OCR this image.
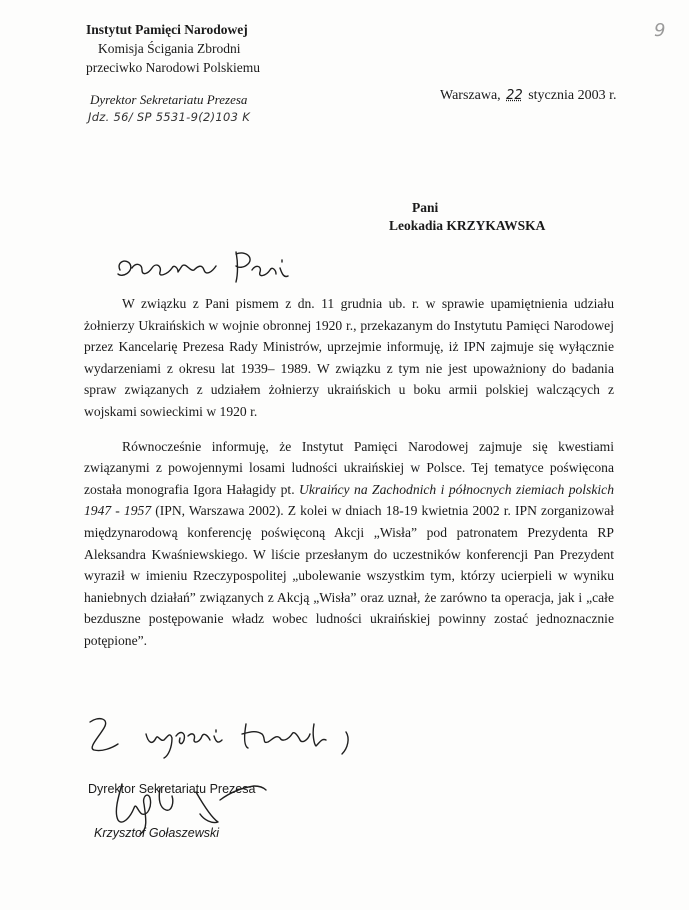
Instytut Pamięci Narodowej
Komisja Ścigania Zbrodni
przeciwko Narodowi Polskiemu
Dyrektor Sekretariatu Prezesa
Jdz. 56/ SP 5531-9(2)103 K
9
Warszawa, 22 stycznia 2003 r.
Pani
Leokadia KRZYKAWSKA

W związku z Pani pismem z dn. 11 grudnia ub. r. w sprawie upamiętnienia udziału żołnierzy Ukraińskich w wojnie obronnej 1920 r., przekazanym do Instytutu Pamięci Narodowej przez Kancelarię Prezesa Rady Ministrów, uprzejmie informuję, iż IPN zajmuje się wyłącznie wydarzeniami z okresu lat 1939– 1989. W związku z tym nie jest upoważniony do badania spraw związanych z udziałem żołnierzy ukraińskich u boku armii polskiej walczących z wojskami sowieckimi w 1920 r.

Równocześnie informuję, że Instytut Pamięci Narodowej zajmuje się kwestiami związanymi z powojennymi losami ludności ukraińskiej w Polsce. Tej tematyce poświęcona została monografia Igora Hałagidy pt. Ukraińcy na Zachodnich i północnych ziemiach polskich 1947 - 1957 (IPN, Warszawa 2002). Z kolei w dniach 18-19 kwietnia 2002 r. IPN zorganizował międzynarodową konferencję poświęconą Akcji „Wisła” pod patronatem Prezydenta RP Aleksandra Kwaśniewskiego. W liście przesłanym do uczestników konferencji Pan Prezydent wyraził w imieniu Rzeczypospolitej „ubolewanie wszystkim tym, którzy ucierpieli w wyniku haniebnych działań” związanych z Akcją „Wisła” oraz uznał, że zarówno ta operacja, jak i „całe bezduszne postępowanie władz wobec ludności ukraińskiej powinny zostać jednoznacznie potępione”.

Dyrektor Sekretariatu Prezesa
Krzysztof Gołaszewski
